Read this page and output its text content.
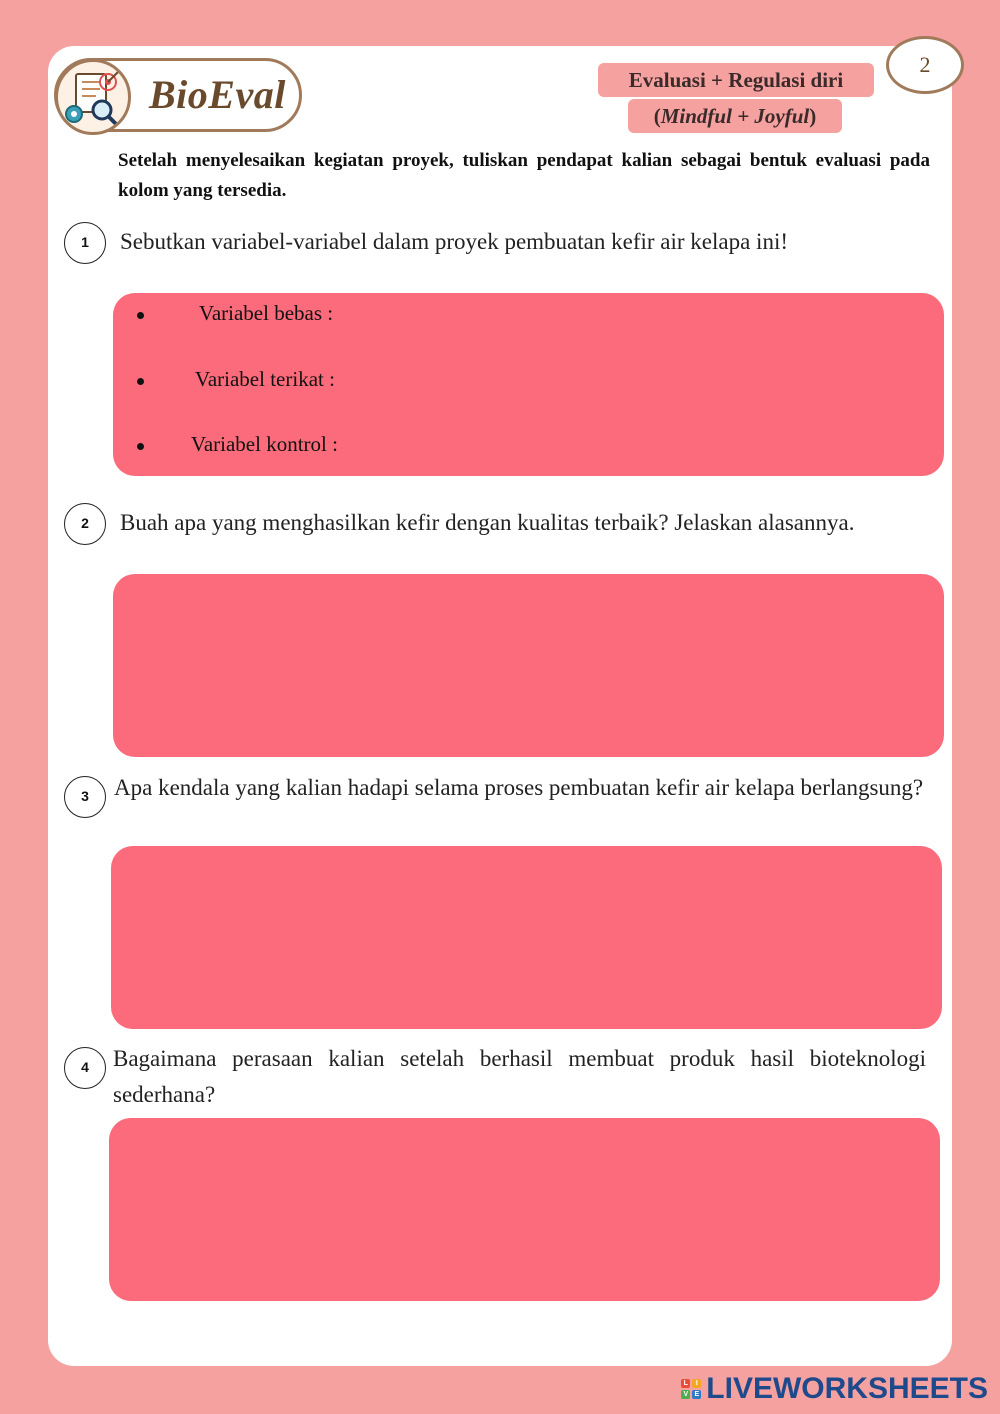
BioEval	Evaluasi + Regulasi diri
(Mindful + Joyful)
2
Setelah menyelesaikan kegiatan proyek, tuliskan pendapat kalian sebagai bentuk evaluasi pada kolom yang tersedia.
1	Sebutkan variabel-variabel dalam proyek pembuatan kefir air kelapa ini!
Variabel bebas :
Variabel terikat :
Variabel kontrol :
2	Buah apa yang menghasilkan kefir dengan kualitas terbaik? Jelaskan alasannya.
3	Apa kendala yang kalian hadapi selama proses pembuatan kefir air kelapa berlangsung?
4	Bagaimana perasaan kalian setelah berhasil membuat produk hasil bioteknologi sederhana?
L	I
V E LIVEWORKSHEETS
